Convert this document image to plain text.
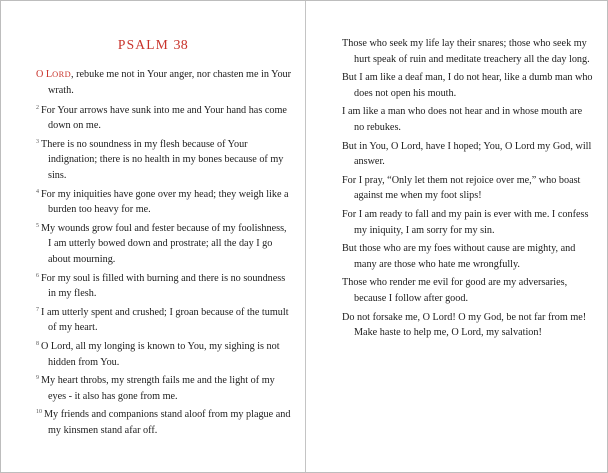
PSALM 38
O LORD, rebuke me not in Your anger, nor chasten me in Your wrath.
$^2$ For Your arrows have sunk into me and Your hand has come down on me.
$^3$ There is no soundness in my flesh because of Your indignation; there is no health in my bones because of my sins.
$^4$ For my iniquities have gone over my head; they weigh like a burden too heavy for me.
$^5$ My wounds grow foul and fester because of my foolishness, I am utterly bowed down and prostrate; all the day I go about mourning.
$^6$ For my soul is filled with burning and there is no soundness in my flesh.
$^7$ I am utterly spent and crushed; I groan because of the tumult of my heart.
$^8$ O Lord, all my longing is known to You, my sighing is not hidden from You.
$^9$ My heart throbs, my strength fails me and the light of my eyes - it also has gone from me.
$^{10}$ My friends and companions stand aloof from my plague and my kinsmen stand afar off.
Those who seek my life lay their snares; those who seek my hurt speak of ruin and meditate treachery all the day long.
But I am like a deaf man, I do not hear, like a dumb man who does not open his mouth.
I am like a man who does not hear and in whose mouth are no rebukes.
But in You, O Lord, have I hoped; You, O Lord my God, will answer.
For I pray, “Only let them not rejoice over me,” who boast against me when my foot slips!
For I am ready to fall and my pain is ever with me. I confess my iniquity, I am sorry for my sin.
But those who are my foes without cause are mighty, and many are those who hate me wrongfully.
Those who render me evil for good are my adversaries, because I follow after good.
Do not forsake me, O Lord! O my God, be not far from me! Make haste to help me, O Lord, my salvation!
